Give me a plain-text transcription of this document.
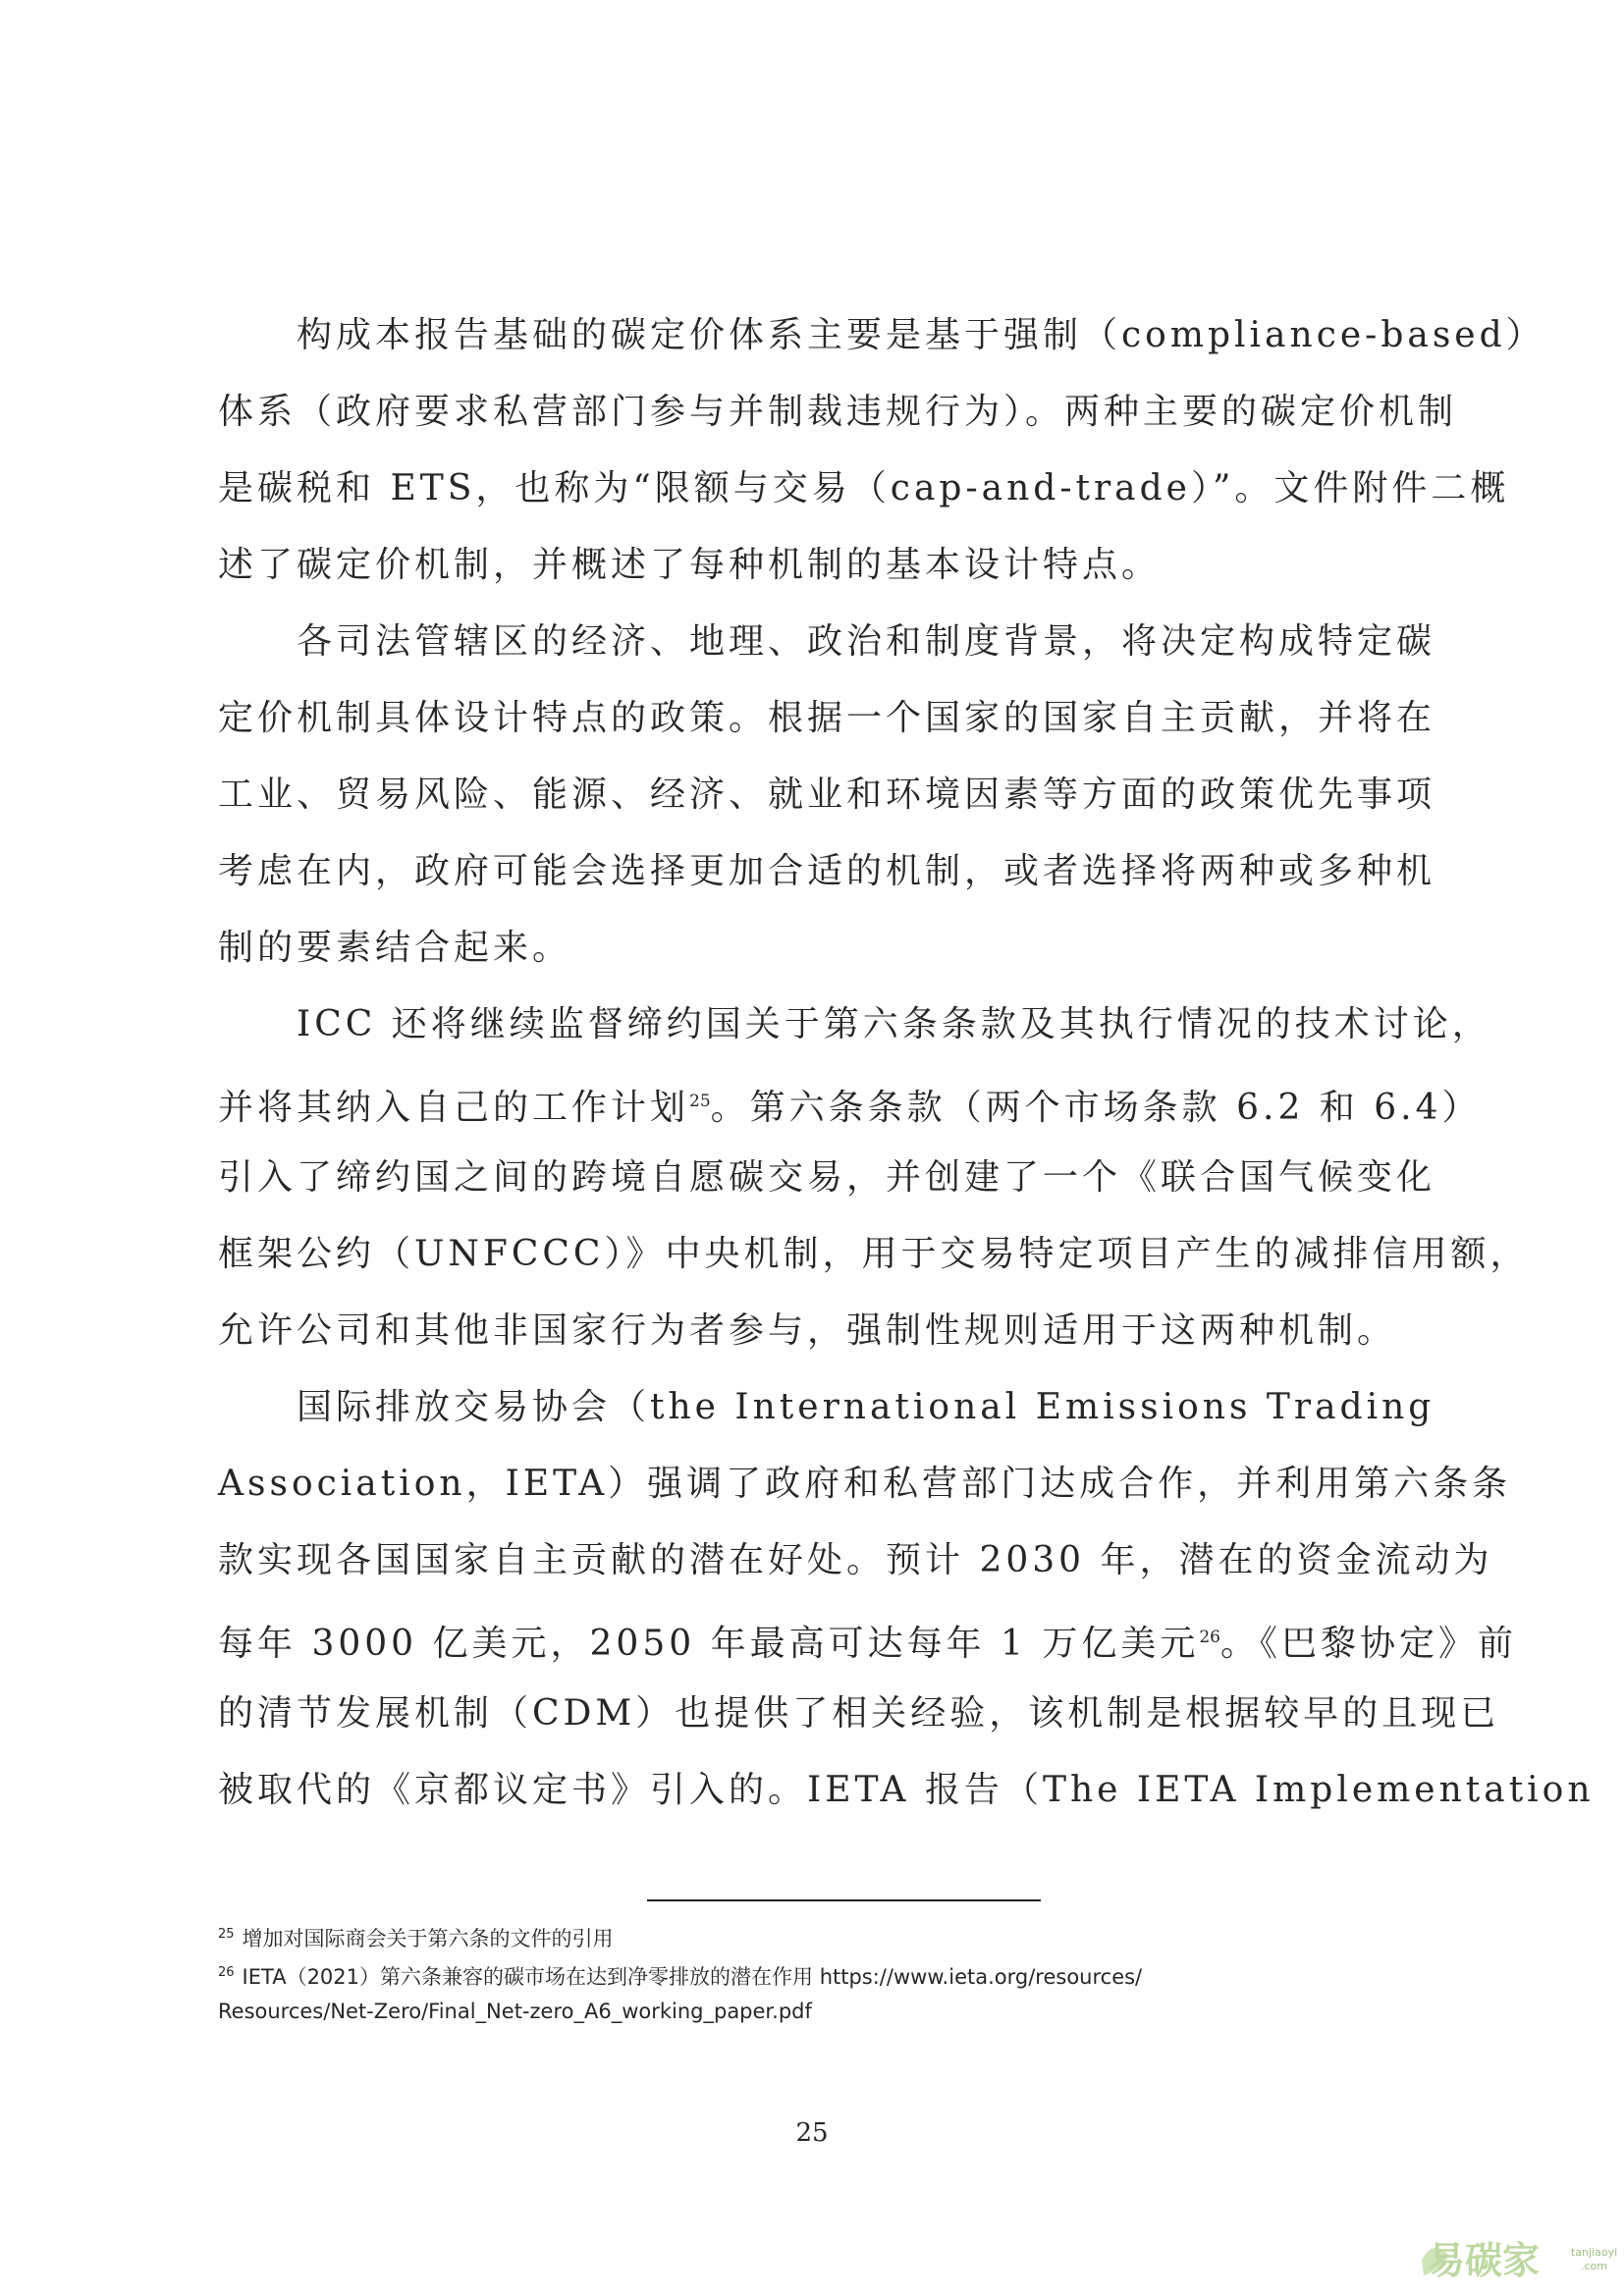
构成本报告基础的碳定价体系主要是基于强制（compliance-based）
体系（政府要求私营部门参与并制裁违规行为）。两种主要的碳定价机制
是碳税和 ETS，也称为“限额与交易（cap-and-trade）”。文件附件二概
述了碳定价机制，并概述了每种机制的基本设计特点。
各司法管辖区的经济、地理、政治和制度背景，将决定构成特定碳
定价机制具体设计特点的政策。根据一个国家的国家自主贡献，并将在
工业、贸易风险、能源、经济、就业和环境因素等方面的政策优先事项
考虑在内，政府可能会选择更加合适的机制，或者选择将两种或多种机
制的要素结合起来。
ICC 还将继续监督缔约国关于第六条条款及其执行情况的技术讨论，
并将其纳入自己的工作计划$^{25}$。第六条条款（两个市场条款 6.2 和 6.4）
引入了缔约国之间的跨境自愿碳交易，并创建了一个《联合国气候变化
框架公约（UNFCCC）》中央机制，用于交易特定项目产生的减排信用额，
允许公司和其他非国家行为者参与，强制性规则适用于这两种机制。
国际排放交易协会（the International Emissions Trading
Association，IETA）强调了政府和私营部门达成合作，并利用第六条条
款实现各国国家自主贡献的潜在好处。预计 2030 年，潜在的资金流动为
每年 3000 亿美元，2050 年最高可达每年 1 万亿美元$^{26}$。《巴黎协定》前
的清节发展机制（CDM）也提供了相关经验，该机制是根据较早的且现已
被取代的《京都议定书》引入的。IETA 报告（The IETA Implementation
$^{25}$ 增加对国际商会关于第六条的文件的引用
$^{26}$ IETA（2021）第六条兼容的碳市场在达到净零排放的潜在作用 https://www.ieta.org/resources/
Resources/Net-Zero/Final_Net-zero_A6_working_paper.pdf
25
易碳家	tanjiaoyi
.com
